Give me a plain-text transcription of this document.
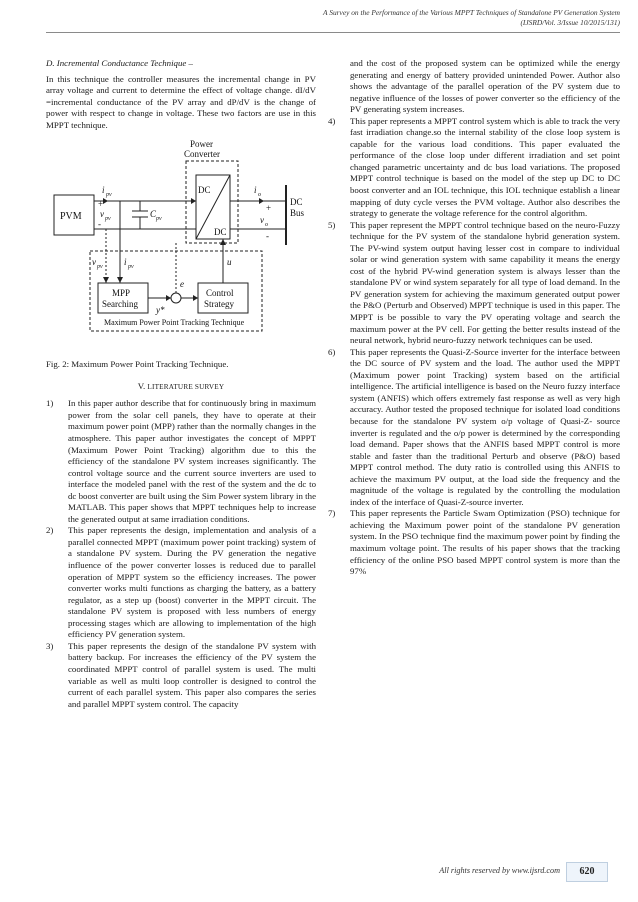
A Survey on the Performance of the Various MPPT Techniques of Standalone PV Generation System
(IJSRD/Vol. 3/Issue 10/2015/131)
D. Incremental Conductance Technique –

In this technique the controller measures the incremental change in PV array voltage and current to determine the effect of voltage change. dI/dV =incremental conductance of the PV array and dP/dV is the change of power with respect to change in voltage. These two factors are use in this MPPT technique.

Power
Converter
PVM
DC
DC
DC
Bus
i pv	i o
v pv	C pv	v o
+
-
+
-
u
e
y*
v pv i pv
MPP
Searching
Control
Strategy
Maximum Power Point Tracking Technique
Fig. 2: Maximum Power Point Tracking Technique.
V. LITERATURE SURVEY
1)	In this paper author describe that for continuously bring in maximum power from the solar cell panels, they have to operate at their maximum power point (MPP) rather than the normally changes in the atmosphere. This paper author investigates the concept of MPPT (Maximum Power Point Tracking) algorithm due to this the efficiency of the standalone PV system increases significantly. The control voltage source and the current source inverters are used to interface the modeled panel with the rest of the system and the dc to dc boost converter are built using the Sim Power system library in the MATLAB. This paper shows that MPPT techniques help to increase the generated output at same irradiation conditions.
2)	This paper represents the design, implementation and analysis of a parallel connected MPPT (maximum power point tracking) system of a standalone PV system. During the PV generation the negative influence of the power converter losses is reduced due to parallel operation of MPPT system so the efficiency increases. The power converter works multi functions as charging the battery, as a battery regulator, as a step up (boost) converter in the MPPT circuit. The standalone PV system is proposed with less numbers of energy processing stages which are allowing to implementation of the high efficiency PV generation system.
3)	This paper represents the design of the standalone PV system with battery backup. For increases the efficiency of the PV system the coordinated MPPT control of parallel system is used. The multi variable as well as multi loop controller is designed to control the current of each parallel system. This paper also compares the series and parallel MPPT system control. The capacity
and the cost of the proposed system can be optimized while the energy generating and energy of battery provided unintended Power. Author also shows the advantage of the parallel operation of the PV system due to negative influence of the losses of power converter so the efficiency of the PV generating system increases.
4)	This paper represents a MPPT control system which is able to track the very fast irradiation change.so the internal stability of the close loop system is capable for the various load conditions. This paper evaluated the performance of the close loop under different irradiation and set point changed parametric uncertainty and dc bus load variations. The proposed MPPT control technique is based on the model of the step up DC to DC boost converter and an IOL technique, this IOL technique establish a linear mapping of duty cycle verses the PVM voltage. Author also describes the strategy to generate the voltage reference for the control algorithm.
5)	This paper represent the MPPT control technique based on the neuro-Fuzzy technique for the PV system of the standalone hybrid generation system. The PV-wind system output having lesser cost in compare to individual solar or wind generation system with same capability it means the energy cost of the hybrid PV-wind generation system is always lesser than the standalone PV or wind system separately for all type of load demand. In the PV generation system for achieving the maximum generated output power the P&O (Perturb and Observed) MPPT technique is used in this paper. The MPPT is be possible to vary the PV operating voltage and search the maximum power at the PV cell. For getting the better results instead of the neural network, hybrid neuro-fuzzy network techniques can be used.
6)	This paper represents the Quasi-Z-Source inverter for the interface between the DC source of PV system and the load. The author used the MPPT (Maximum power point Tracking) system based on the artificial intelligence. The artificial intelligence is based on the Neuro fuzzy interface system (ANFIS) which offers extremely fast response as well as very high accuracy. Author tested the proposed technique for isolated load conditions because for the standalone PV system o/p voltage of Quasi-Z- source inverter is regulated and the o/p power is determined by the corresponding load demand. Paper shows that the ANFIS based MPPT control is more stable and faster than the traditional Perturb and observe (P&O) based MPPT control method. The duty ratio is controlled using this ANFIS to achieve the maximum PV output, at the load side the frequency and the magnitude of the voltage is regulated by the controlling the modulation index of the interface of Quasi-Z-source inverter.
7)	This paper represents the Particle Swam Optimization (PSO) technique for achieving the Maximum power point of the standalone PV generation system. In the PSO technique find the maximum power point by finding the maximum voltage point. The results of his paper shows that the tracking efficiency of the online PSO based MPPT control system is more than the 97%
All rights reserved by www.ijsrd.com	620
